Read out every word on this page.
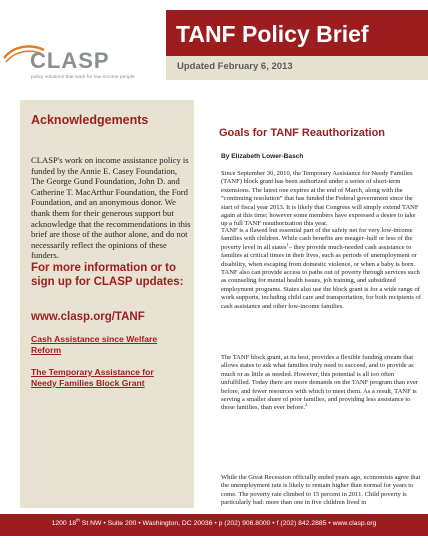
CLASP
policy solutions that work for low-income people
TANF Policy Brief
Updated February 6, 2013
Acknowledgements

CLASP's work on income assistance policy is funded by the Annie E. Casey Foundation, The George Gund Foundation, John D. and Catherine T. MacArthur Foundation, the Ford Foundation, and an anonymous donor. We thank them for their generous support but acknowledge that the recommendations in this brief are those of the author alone, and do not necessarily reflect the opinions of these funders.

For more information or to sign up for CLASP updates:
www.clasp.org/TANF
Cash Assistance since Welfare Reform
The Temporary Assistance for Needy Families Block Grant
Goals for TANF Reauthorization
By Elizabeth Lower-Basch

Since September 30, 2010, the Temporary Assistance for Needy Families (TANF) block grant has been authorized under a series of short-term extensions. The latest one expires at the end of March, along with the “continuing resolution” that has funded the Federal government since the start of fiscal year 2013. It is likely that Congress will simply extend TANF again at this time; however some members have expressed a desire to take up a full TANF reauthorization this year.

TANF is a flawed but essential part of the safety net for very low-income families with children. While cash benefits are meager–half or less of the poverty level in all states$^1$– they provide much-needed cash assistance to families at critical times in their lives, such as periods of unemployment or disability, when escaping from domestic violence, or when a baby is born. TANF also can provide access to paths out of poverty through services such as counseling for mental health issues, job training, and subsidized employment programs. States also use the block grant is for a wide range of work supports, including child care and transportation, for both recipients of cash assistance and other low-income families.

The TANF block grant, at its best, provides a flexible funding stream that allows states to ask what families truly need to succeed, and to provide as much or as little as needed. However, this potential is all too often unfulfilled. Today there are more demands on the TANF program than ever before, and fewer resources with which to meet them. As a result, TANF is serving a smaller share of poor families, and providing less assistance to those families, than ever before.$^2$

While the Great Recession officially ended years ago, economists agree that the unemployment rate is likely to remain higher than normal for years to come. The poverty rate climbed to 15 percent in 2011. Child poverty is particularly bad: more than one in five children lived in

1200 18th St NW • Suite 200 • Washington, DC 20036 • p (202) 906.8000 • f (202) 842.2885 • www.clasp.org
